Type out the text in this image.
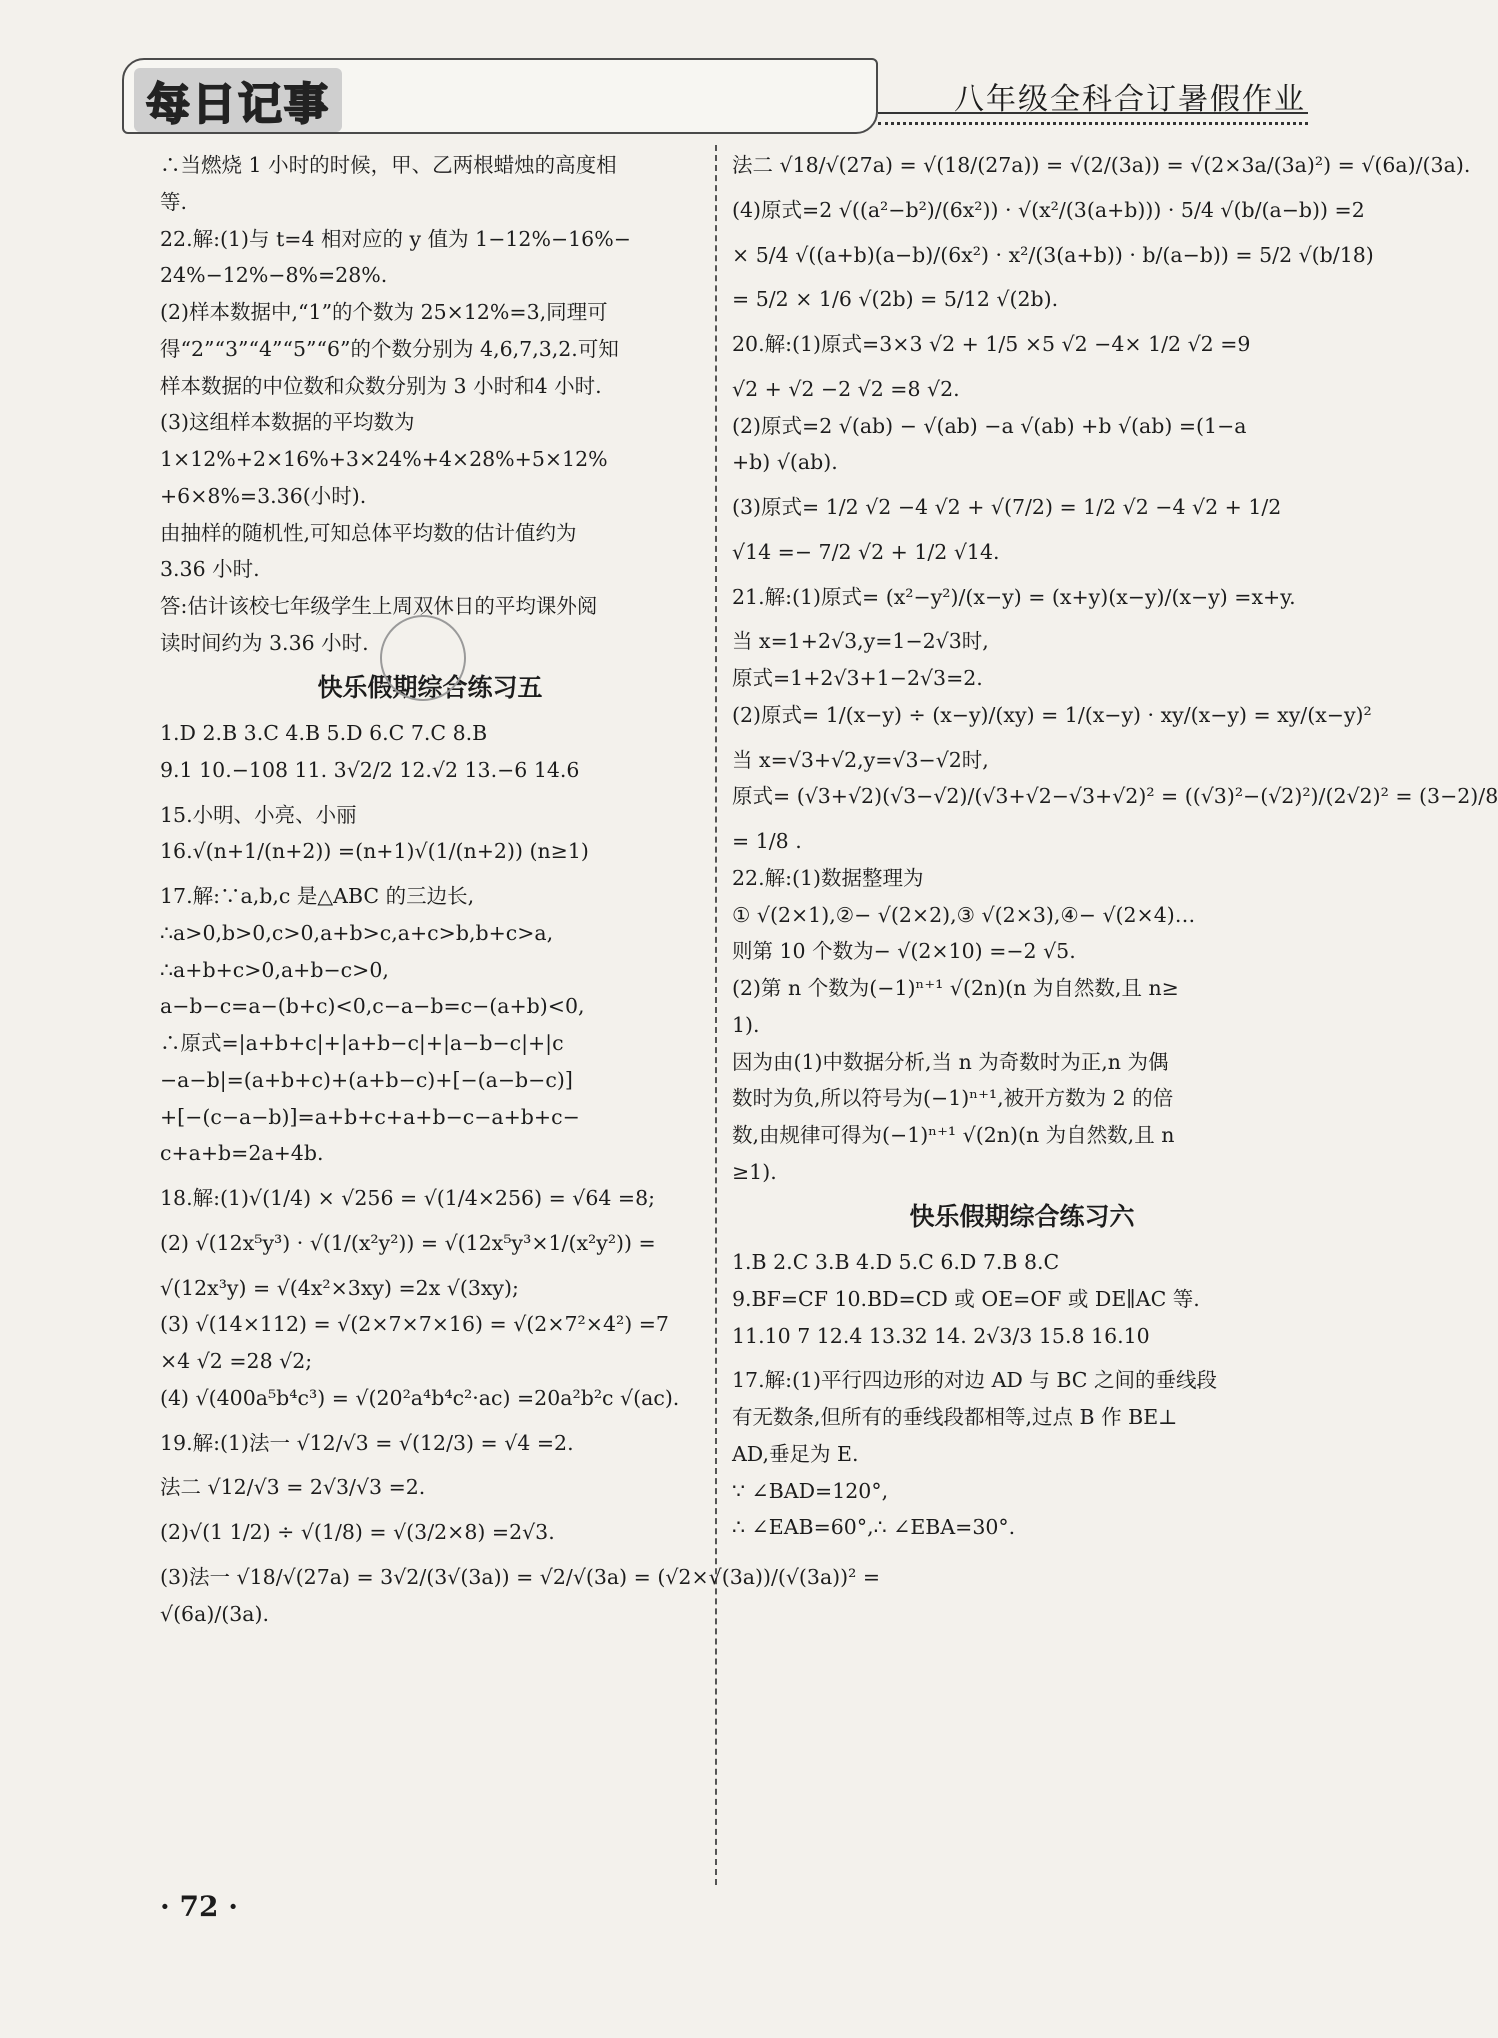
每日记事	八年级全科合订暑假作业
∴当燃烧 1 小时的时候，甲、乙两根蜡烛的高度相
等.
22.解:(1)与 t=4 相对应的 y 值为 1−12%−16%−
24%−12%−8%=28%.
(2)样本数据中,“1”的个数为 25×12%=3,同理可
得“2”“3”“4”“5”“6”的个数分别为 4,6,7,3,2.可知
样本数据的中位数和众数分别为 3 小时和4 小时.
(3)这组样本数据的平均数为
1×12%+2×16%+3×24%+4×28%+5×12%
+6×8%=3.36(小时).
由抽样的随机性,可知总体平均数的估计值约为
3.36 小时.
答:估计该校七年级学生上周双休日的平均课外阅
读时间约为 3.36 小时.
快乐假期综合练习五
1.D 2.B 3.C 4.B 5.D 6.C 7.C 8.B
9.1 10.−108 11. 3√2/2 12.√2 13.−6 14.6
15.小明、小亮、小丽
16.√(n+1/(n+2)) =(n+1)√(1/(n+2)) (n≥1)
17.解:∵a,b,c 是△ABC 的三边长,
∴a>0,b>0,c>0,a+b>c,a+c>b,b+c>a,
∴a+b+c>0,a+b−c>0,
a−b−c=a−(b+c)<0,c−a−b=c−(a+b)<0,
∴原式=|a+b+c|+|a+b−c|+|a−b−c|+|c
−a−b|=(a+b+c)+(a+b−c)+[−(a−b−c)]
+[−(c−a−b)]=a+b+c+a+b−c−a+b+c−
c+a+b=2a+4b.
18.解:(1)√(1/4) × √256 = √(1/4×256) = √64 =8;
(2) √(12x⁵y³) · √(1/(x²y²)) = √(12x⁵y³×1/(x²y²)) =
√(12x³y) = √(4x²×3xy) =2x √(3xy);
(3) √(14×112) = √(2×7×7×16) = √(2×7²×4²) =7
×4 √2 =28 √2;
(4) √(400a⁵b⁴c³) = √(20²a⁴b⁴c²·ac) =20a²b²c √(ac).
19.解:(1)法一 √12/√3 = √(12/3) = √4 =2.
法二 √12/√3 = 2√3/√3 =2.
(2)√(1 1/2) ÷ √(1/8) = √(3/2×8) =2√3.
(3)法一 √18/√(27a) = 3√2/(3√(3a)) = √2/√(3a) = (√2×√(3a))/(√(3a))² =
√(6a)/(3a).
法二 √18/√(27a) = √(18/(27a)) = √(2/(3a)) = √(2×3a/(3a)²) = √(6a)/(3a).
(4)原式=2 √((a²−b²)/(6x²)) · √(x²/(3(a+b))) · 5/4 √(b/(a−b)) =2
× 5/4 √((a+b)(a−b)/(6x²) · x²/(3(a+b)) · b/(a−b)) = 5/2 √(b/18)
= 5/2 × 1/6 √(2b) = 5/12 √(2b).
20.解:(1)原式=3×3 √2 + 1/5 ×5 √2 −4× 1/2 √2 =9
√2 + √2 −2 √2 =8 √2.
(2)原式=2 √(ab) − √(ab) −a √(ab) +b √(ab) =(1−a
+b) √(ab).
(3)原式= 1/2 √2 −4 √2 + √(7/2) = 1/2 √2 −4 √2 + 1/2
√14 =− 7/2 √2 + 1/2 √14.
21.解:(1)原式= (x²−y²)/(x−y) = (x+y)(x−y)/(x−y) =x+y.
当 x=1+2√3,y=1−2√3时,
原式=1+2√3+1−2√3=2.
(2)原式= 1/(x−y) ÷ (x−y)/(xy) = 1/(x−y) · xy/(x−y) = xy/(x−y)²
当 x=√3+√2,y=√3−√2时,
原式= (√3+√2)(√3−√2)/(√3+√2−√3+√2)² = ((√3)²−(√2)²)/(2√2)² = (3−2)/8
= 1/8 .
22.解:(1)数据整理为
① √(2×1),②− √(2×2),③ √(2×3),④− √(2×4)…
则第 10 个数为− √(2×10) =−2 √5.
(2)第 n 个数为(−1)ⁿ⁺¹ √(2n)(n 为自然数,且 n≥
1).
因为由(1)中数据分析,当 n 为奇数时为正,n 为偶
数时为负,所以符号为(−1)ⁿ⁺¹,被开方数为 2 的倍
数,由规律可得为(−1)ⁿ⁺¹ √(2n)(n 为自然数,且 n
≥1).
快乐假期综合练习六
1.B 2.C 3.B 4.D 5.C 6.D 7.B 8.C
9.BF=CF 10.BD=CD 或 OE=OF 或 DE∥AC 等.
11.10 7 12.4 13.32 14. 2√3/3 15.8 16.10
17.解:(1)平行四边形的对边 AD 与 BC 之间的垂线段
有无数条,但所有的垂线段都相等,过点 B 作 BE⊥
AD,垂足为 E.
∵ ∠BAD=120°,
∴ ∠EAB=60°,∴ ∠EBA=30°.
· 72 ·
